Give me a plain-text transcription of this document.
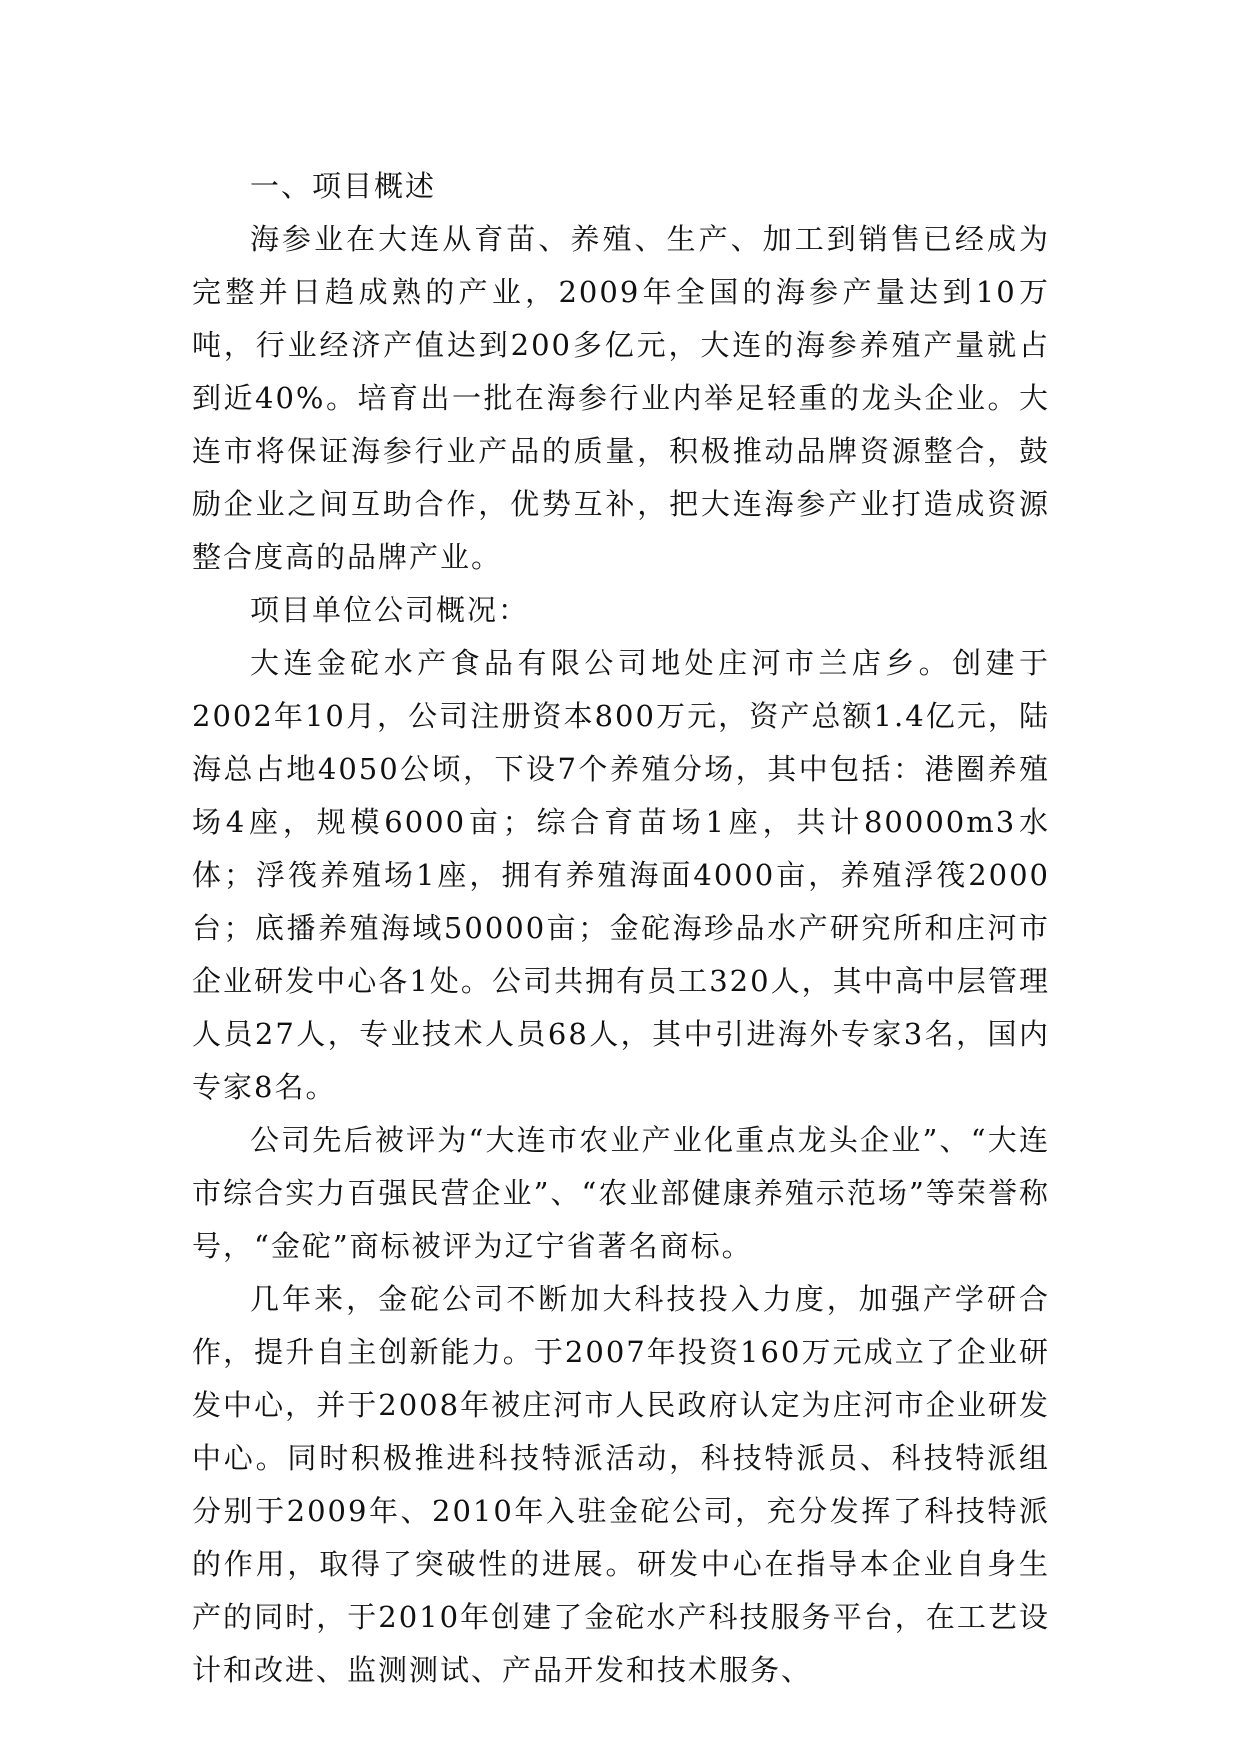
一、项目概述

海参业在大连从育苗、养殖、生产、加工到销售已经成为完整并日趋成熟的产业，2009年全国的海参产量达到10万吨，行业经济产值达到200多亿元，大连的海参养殖产量就占到近40%。培育出一批在海参行业内举足轻重的龙头企业。大连市将保证海参行业产品的质量，积极推动品牌资源整合，鼓励企业之间互助合作，优势互补，把大连海参产业打造成资源整合度高的品牌产业。

项目单位公司概况：

大连金砣水产食品有限公司地处庄河市兰店乡。创建于2002年10月，公司注册资本800万元，资产总额1.4亿元，陆海总占地4050公顷，下设7个养殖分场，其中包括：港圈养殖场4座，规模6000亩；综合育苗场1座，共计80000m3水体；浮筏养殖场1座，拥有养殖海面4000亩，养殖浮筏2000台；底播养殖海域50000亩；金砣海珍品水产研究所和庄河市企业研发中心各1处。公司共拥有员工320人，其中高中层管理人员27人，专业技术人员68人，其中引进海外专家3名，国内专家8名。

公司先后被评为“大连市农业产业化重点龙头企业”、“大连市综合实力百强民营企业”、“农业部健康养殖示范场”等荣誉称号，“金砣”商标被评为辽宁省著名商标。

几年来，金砣公司不断加大科技投入力度，加强产学研合作，提升自主创新能力。于2007年投资160万元成立了企业研发中心，并于2008年被庄河市人民政府认定为庄河市企业研发中心。同时积极推进科技特派活动，科技特派员、科技特派组分别于2009年、2010年入驻金砣公司，充分发挥了科技特派的作用，取得了突破性的进展。研发中心在指导本企业自身生产的同时，于2010年创建了金砣水产科技服务平台，在工艺设计和改进、监测测试、产品开发和技术服务、
